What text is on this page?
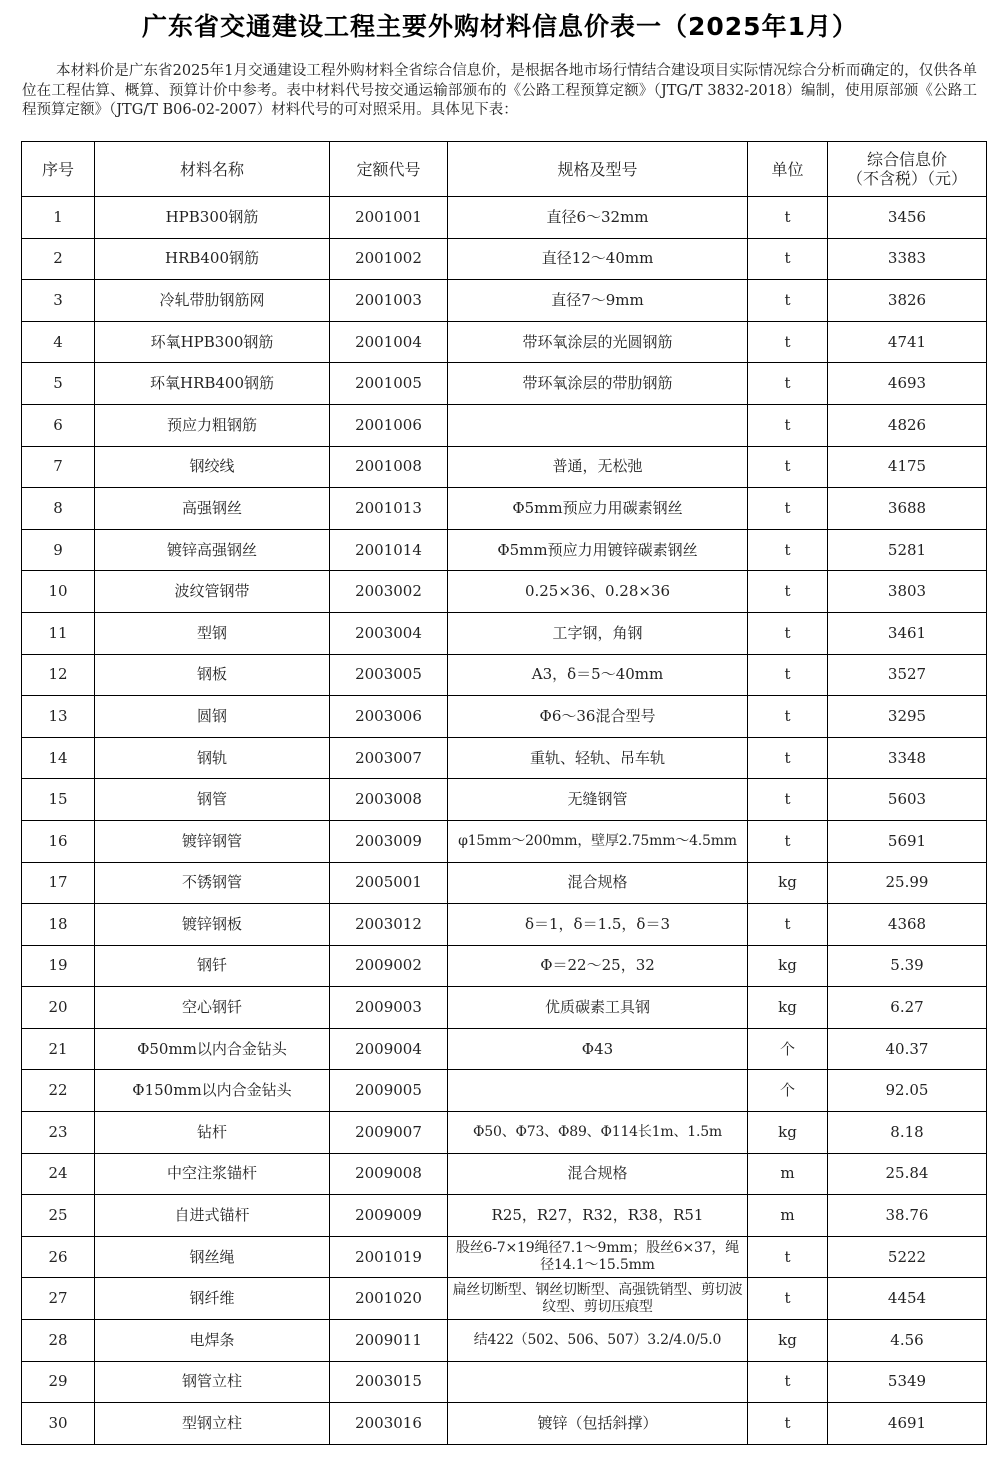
广东省交通建设工程主要外购材料信息价表一（2025年1月）

本材料价是广东省2025年1月交通建设工程外购材料全省综合信息价，是根据各地市场行情结合建设项目实际情况综合分析而确定的，仅供各单位在工程估算、概算、预算计价中参考。表中材料代号按交通运输部颁布的《公路工程预算定额》（JTG/T 3832-2018）编制，使用原部颁《公路工程预算定额》（JTG/T B06-02-2007）材料代号的可对照采用。具体见下表：

序号	材料名称	定额代号	规格及型号	单位	综合信息价
（不含税）（元）
1	HPB300钢筋	2001001	直径6～32mm	t	3456
2	HRB400钢筋	2001002	直径12～40mm	t	3383
3	冷轧带肋钢筋网	2001003	直径7～9mm	t	3826
4	环氧HPB300钢筋	2001004	带环氧涂层的光圆钢筋	t	4741
5	环氧HRB400钢筋	2001005	带环氧涂层的带肋钢筋	t	4693
6	预应力粗钢筋	2001006		t	4826
7	钢绞线	2001008	普通，无松弛	t	4175
8	高强钢丝	2001013	Φ5mm预应力用碳素钢丝	t	3688
9	镀锌高强钢丝	2001014	Φ5mm预应力用镀锌碳素钢丝	t	5281
10	波纹管钢带	2003002	0.25×36、0.28×36	t	3803
11	型钢	2003004	工字钢，角钢	t	3461
12	钢板	2003005	A3，δ＝5～40mm	t	3527
13	圆钢	2003006	Φ6～36混合型号	t	3295
14	钢轨	2003007	重轨、轻轨、吊车轨	t	3348
15	钢管	2003008	无缝钢管	t	5603
16	镀锌钢管	2003009	φ15mm～200mm，壁厚2.75mm～4.5mm	t	5691
17	不锈钢管	2005001	混合规格	kg	25.99
18	镀锌钢板	2003012	δ＝1，δ＝1.5，δ＝3	t	4368
19	钢钎	2009002	Φ＝22～25，32	kg	5.39
20	空心钢钎	2009003	优质碳素工具钢	kg	6.27
21	Φ50mm以内合金钻头	2009004	Φ43	个	40.37
22	Φ150mm以内合金钻头	2009005		个	92.05
23	钻杆	2009007	Φ50、Φ73、Φ89、Φ114长1m、1.5m	kg	8.18
24	中空注浆锚杆	2009008	混合规格	m	25.84
25	自进式锚杆	2009009	R25，R27，R32，R38，R51	m	38.76
26	钢丝绳	2001019	股丝6-7×19绳径7.1～9mm；股丝6×37，绳径14.1～15.5mm	t	5222
27	钢纤维	2001020	扁丝切断型、钢丝切断型、高强铣销型、剪切波纹型、剪切压痕型	t	4454
28	电焊条	2009011	结422（502、506、507）3.2/4.0/5.0	kg	4.56
29	钢管立柱	2003015		t	5349
30	型钢立柱	2003016	镀锌（包括斜撑）	t	4691
